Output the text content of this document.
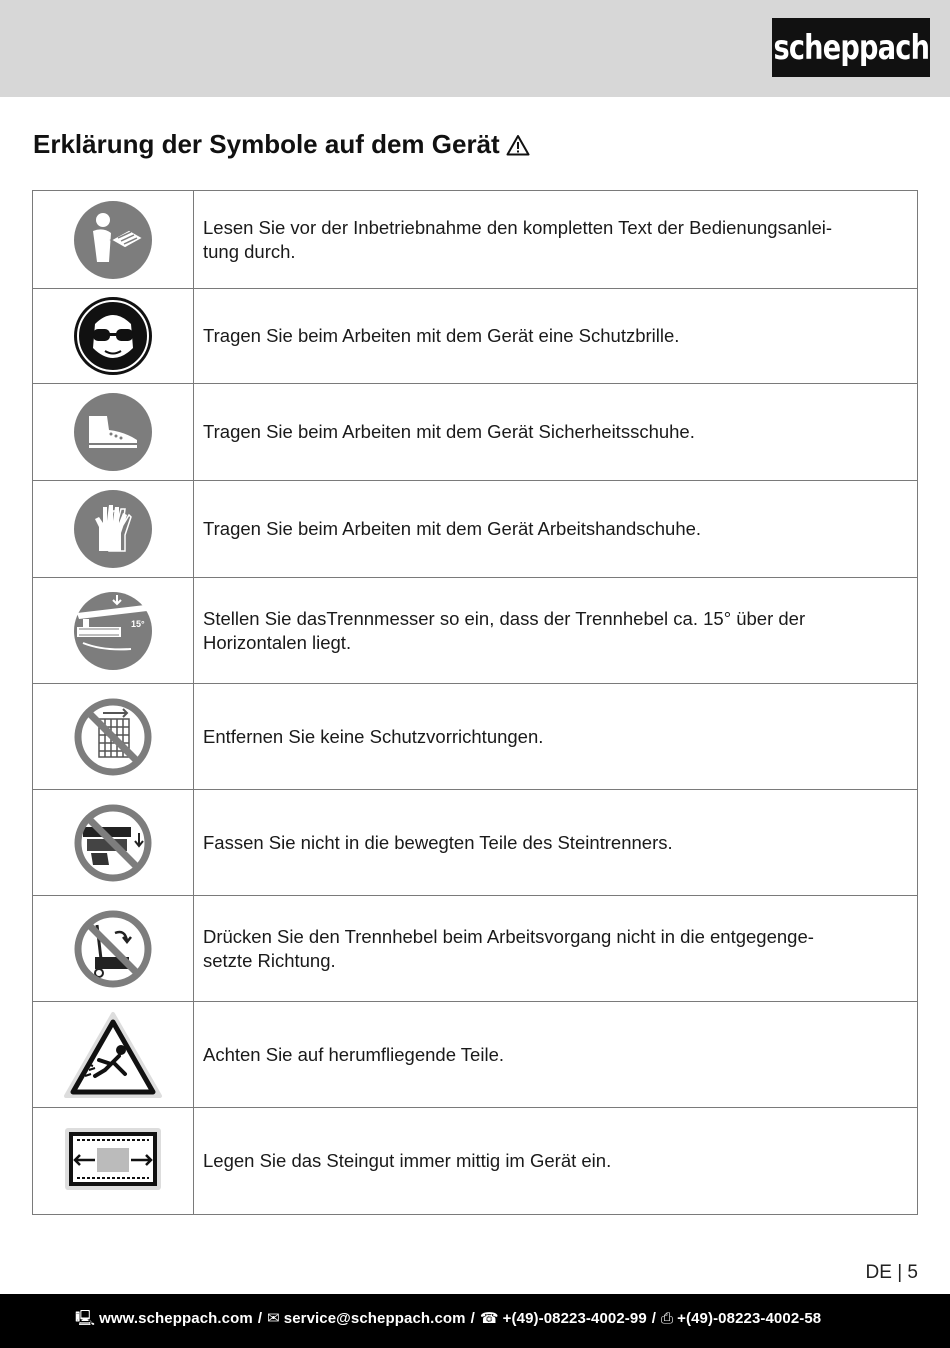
scheppach
Erklärung der Symbole auf dem Gerät
	Lesen Sie vor der Inbetriebnahme den kompletten Text der Bedienungsanlei-
tung durch.

	Tragen Sie beim Arbeiten mit dem Gerät eine Schutzbrille.

	Tragen Sie beim Arbeiten mit dem Gerät Sicherheitsschuhe.

	Tragen Sie beim Arbeiten mit dem Gerät Arbeitshandschuhe.

15°	Stellen Sie dasTrennmesser so ein, dass der Trennhebel ca. 15° über der
Horizontalen liegt.

	Entfernen Sie keine Schutzvorrichtungen.

	Fassen Sie nicht in die bewegten Teile des Steintrenners.

	Drücken Sie den Trennhebel beim Arbeitsvorgang nicht in die entgegenge-
setzte Richtung.

	Achten Sie auf herumfliegende Teile.

	Legen Sie das Steingut immer mittig im Gerät ein.
DE | 5
🖳 www.scheppach.com / ✉ service@scheppach.com / ☎ +(49)-08223-4002-99 / ⎙ +(49)-08223-4002-58
